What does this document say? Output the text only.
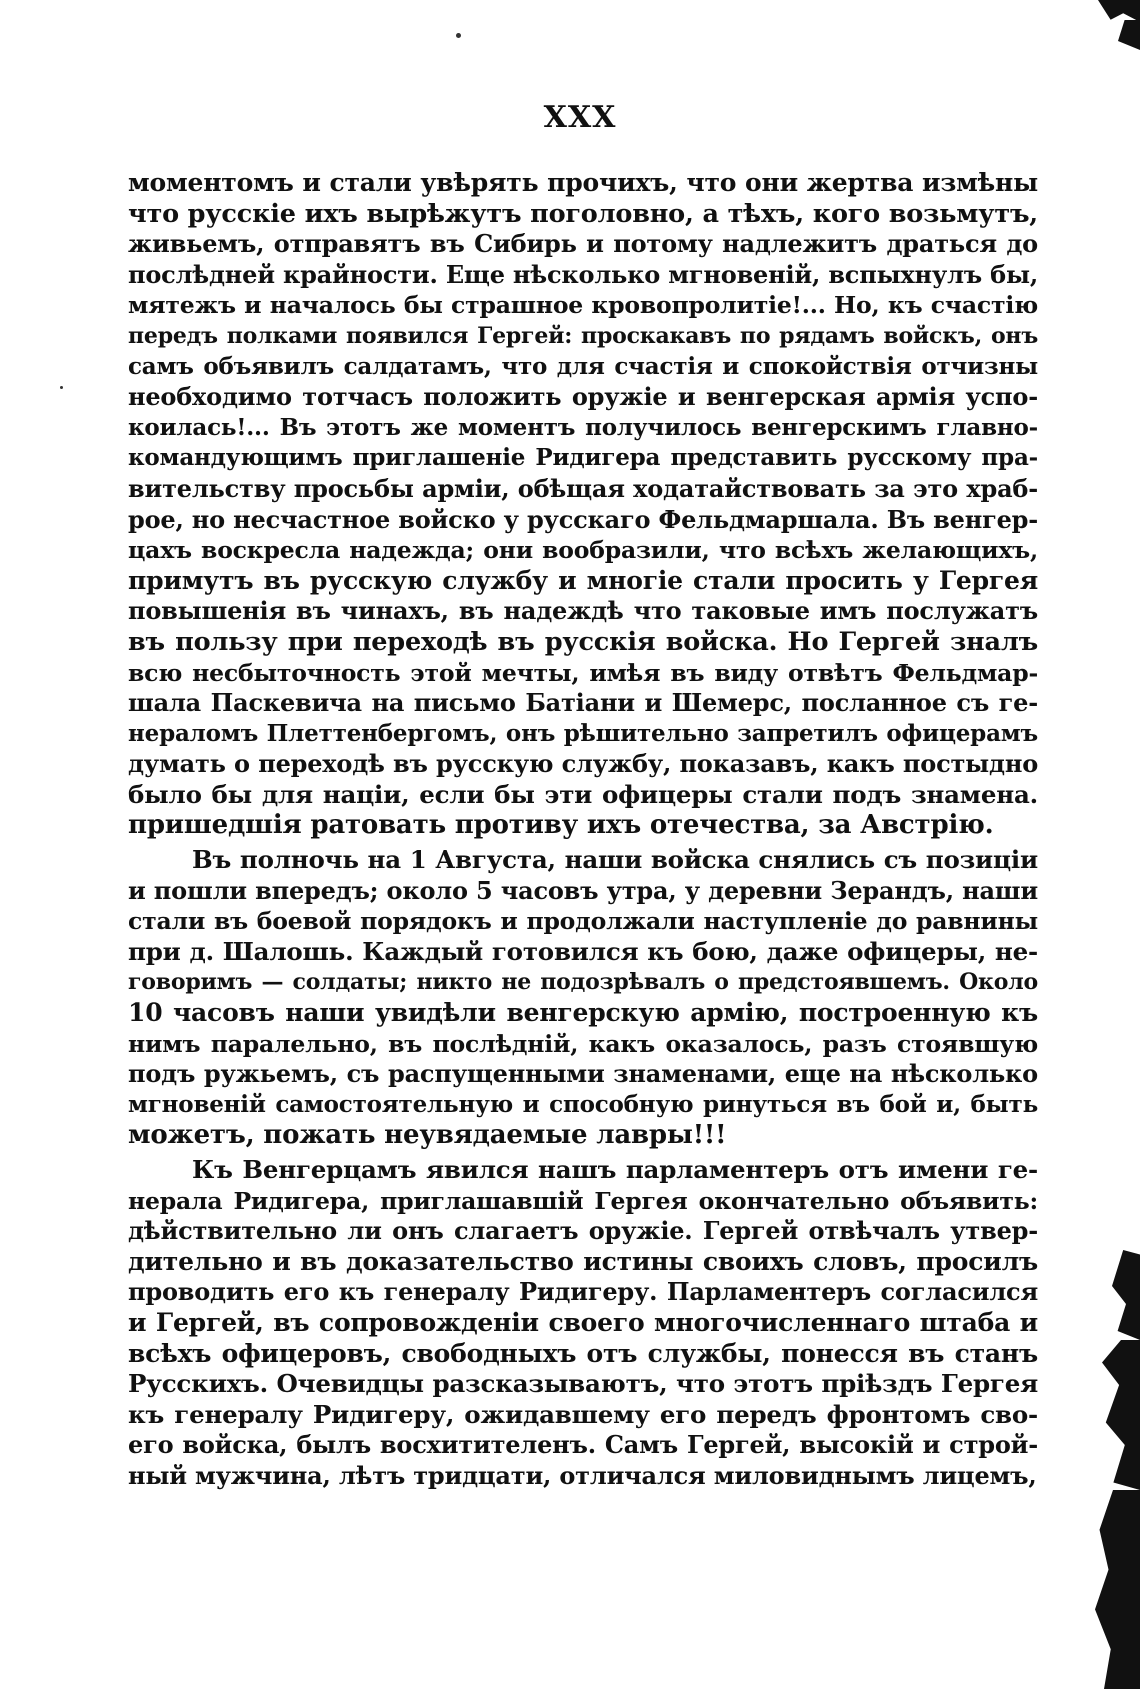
XXX
моментомъ и стали увѣрять прочихъ, что они жертва измѣны
что русскіе ихъ вырѣжутъ поголовно, а тѣхъ, кого возьмутъ,
живьемъ, отправятъ въ Сибирь и потому надлежитъ драться до
послѣдней крайности. Еще нѣсколько мгновеній, вспыхнулъ бы,
мятежъ и началось бы страшное кровопролитіе!... Но, къ счастію
передъ полками появился Гергей: проскакавъ по рядамъ войскъ, онъ
самъ объявилъ салдатамъ, что для счастія и спокойствія отчизны
необходимо тотчасъ положить оружіе и венгерская армія успо-
коилась!... Въ этотъ же моментъ получилось венгерскимъ главно-
командующимъ приглашеніе Ридигера представить русскому пра-
вительству просьбы арміи, обѣщая ходатайствовать за это храб-
рое, но несчастное войско у русскаго Фельдмаршала. Въ венгер-
цахъ воскресла надежда; они вообразили, что всѣхъ желающихъ,
примутъ въ русскую службу и многіе стали просить у Гергея
повышенія въ чинахъ, въ надеждѣ что таковые имъ послужатъ
въ пользу при переходѣ въ русскія войска. Но Гергей зналъ
всю несбыточность этой мечты, имѣя въ виду отвѣтъ Фельдмар-
шала Паскевича на письмо Батіани и Шемерс, посланное съ ге-
нераломъ Плеттенбергомъ, онъ рѣшительно запретилъ офицерамъ
думать о переходѣ въ русскую службу, показавъ, какъ постыдно
было бы для націи, если бы эти офицеры стали подъ знамена.
пришедшія ратовать противу ихъ отечества, за Австрію.
Въ полночь на 1 Августа, наши войска снялись съ позиціи
и пошли впередъ; около 5 часовъ утра, у деревни Зерандъ, наши
стали въ боевой порядокъ и продолжали наступленіе до равнины
при д. Шалошь. Каждый готовился къ бою, даже офицеры, не-
говоримъ — солдаты; никто не подозрѣвалъ о предстоявшемъ. Около
10 часовъ наши увидѣли венгерскую армію, построенную къ
нимъ паралельно, въ послѣдній, какъ оказалось, разъ стоявшую
подъ ружьемъ, съ распущенными знаменами, еще на нѣсколько
мгновеній самостоятельную и способную ринуться въ бой и, быть
можетъ, пожать неувядаемые лавры!!!
Къ Венгерцамъ явился нашъ парламентеръ отъ имени ге-
нерала Ридигера, приглашавшій Гергея окончательно объявить:
дѣйствительно ли онъ слагаетъ оружіе. Гергей отвѣчалъ утвер-
дительно и въ доказательство истины своихъ словъ, просилъ
проводить его къ генералу Ридигеру. Парламентеръ согласился
и Гергей, въ сопровожденіи своего многочисленнаго штаба и
всѣхъ офицеровъ, свободныхъ отъ службы, понесся въ станъ
Русскихъ. Очевидцы разсказываютъ, что этотъ пріѣздъ Гергея
къ генералу Ридигеру, ожидавшему его передъ фронтомъ сво-
его войска, былъ восхитителенъ. Самъ Гергей, высокій и строй-
ный мужчина, лѣтъ тридцати, отличался миловиднымъ лицемъ,
